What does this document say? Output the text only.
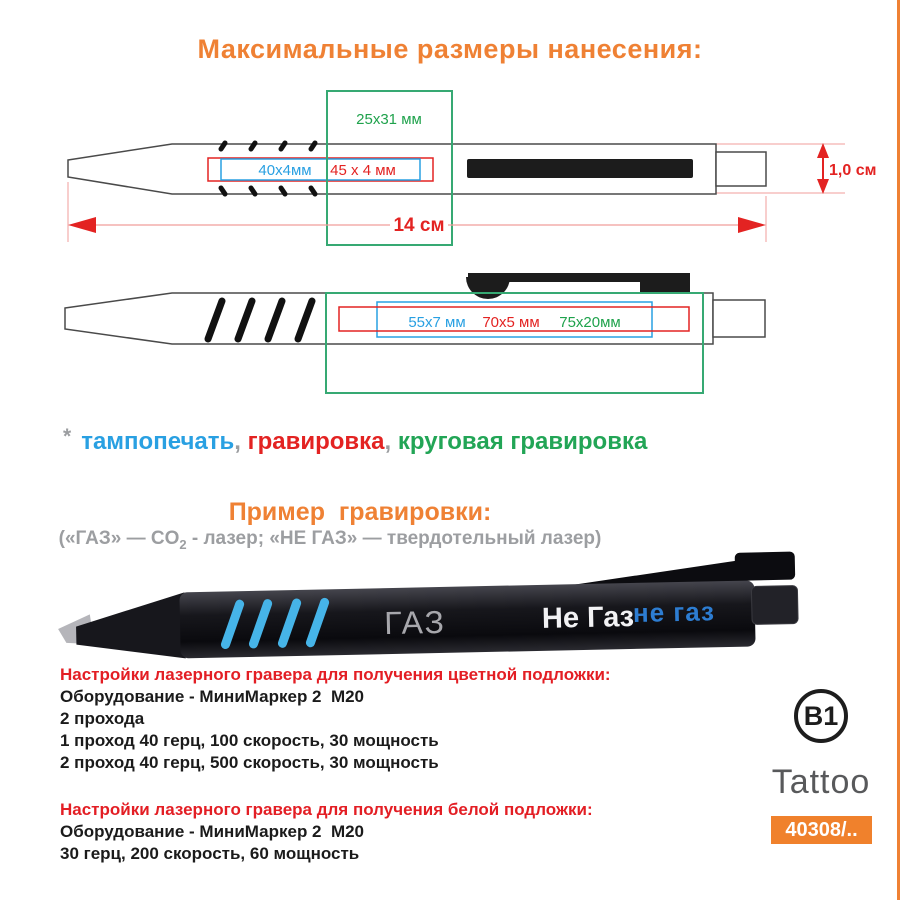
Максимальные размеры нанесения:
25x31 мм
40х4мм 45 х 4 мм
14 см
1,0 см
55x7 мм 70х5 мм 75х20мм
* тампопечать, гравировка, круговая гравировка
Пример  гравировки:
(«ГАЗ» — $CO_2$ - лазер; «НЕ ГАЗ» — твердотельный лазер)
ГАЗ	Не Газ
не газ
Настройки лазерного гравера для получения цветной подложки:
Оборудование - МиниМаркер 2  М20
2 прохода
1 проход 40 герц, 100 скорость, 30 мощность
2 проход 40 герц, 500 скорость, 30 мощность
Настройки лазерного гравера для получения белой подложки:
Оборудование - МиниМаркер 2  М20
30 герц, 200 скорость, 60 мощность
B1
Tattoo
40308/..
